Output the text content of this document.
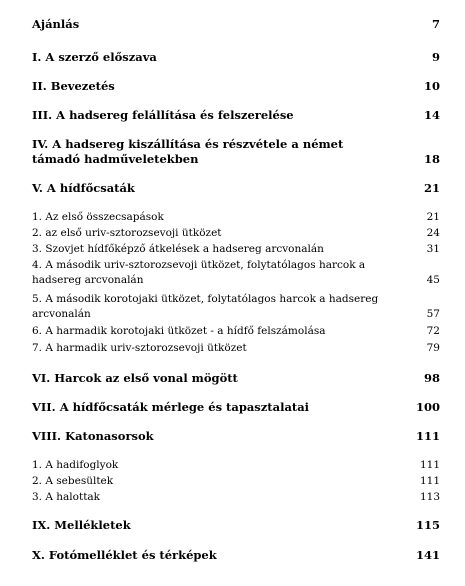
Ajánlás	7
I. A szerző előszava	9
II. Bevezetés	10
III. A hadsereg felállítása és felszerelése	14
IV. A hadsereg kiszállítása és részvétele a német támadó hadműveletekben	18
V. A hídfőcsaták	21
1. Az első összecsapások	21
2. az első uriv-sztorozsevoji ütközet	24
3. Szovjet hídfőképző átkelések a hadsereg arcvonalán	31
4. A második uriv-sztorozsevoji ütközet, folytatólagos harcok a hadsereg arcvonalán	45
5. A második korotojaki ütközet, folytatólagos harcok a hadsereg arcvonalán	57
6. A harmadik korotojaki ütközet - a hídfő felszámolása	72
7. A harmadik uriv-sztorozsevoji ütközet	79
VI. Harcok az első vonal mögött	98
VII. A hídfőcsaták mérlege és tapasztalatai	100
VIII. Katonasorsok	111
1. A hadifoglyok	111
2. A sebesültek	111
3. A halottak	113
IX. Mellékletek	115
X. Fotómelléklet és térképek	141
